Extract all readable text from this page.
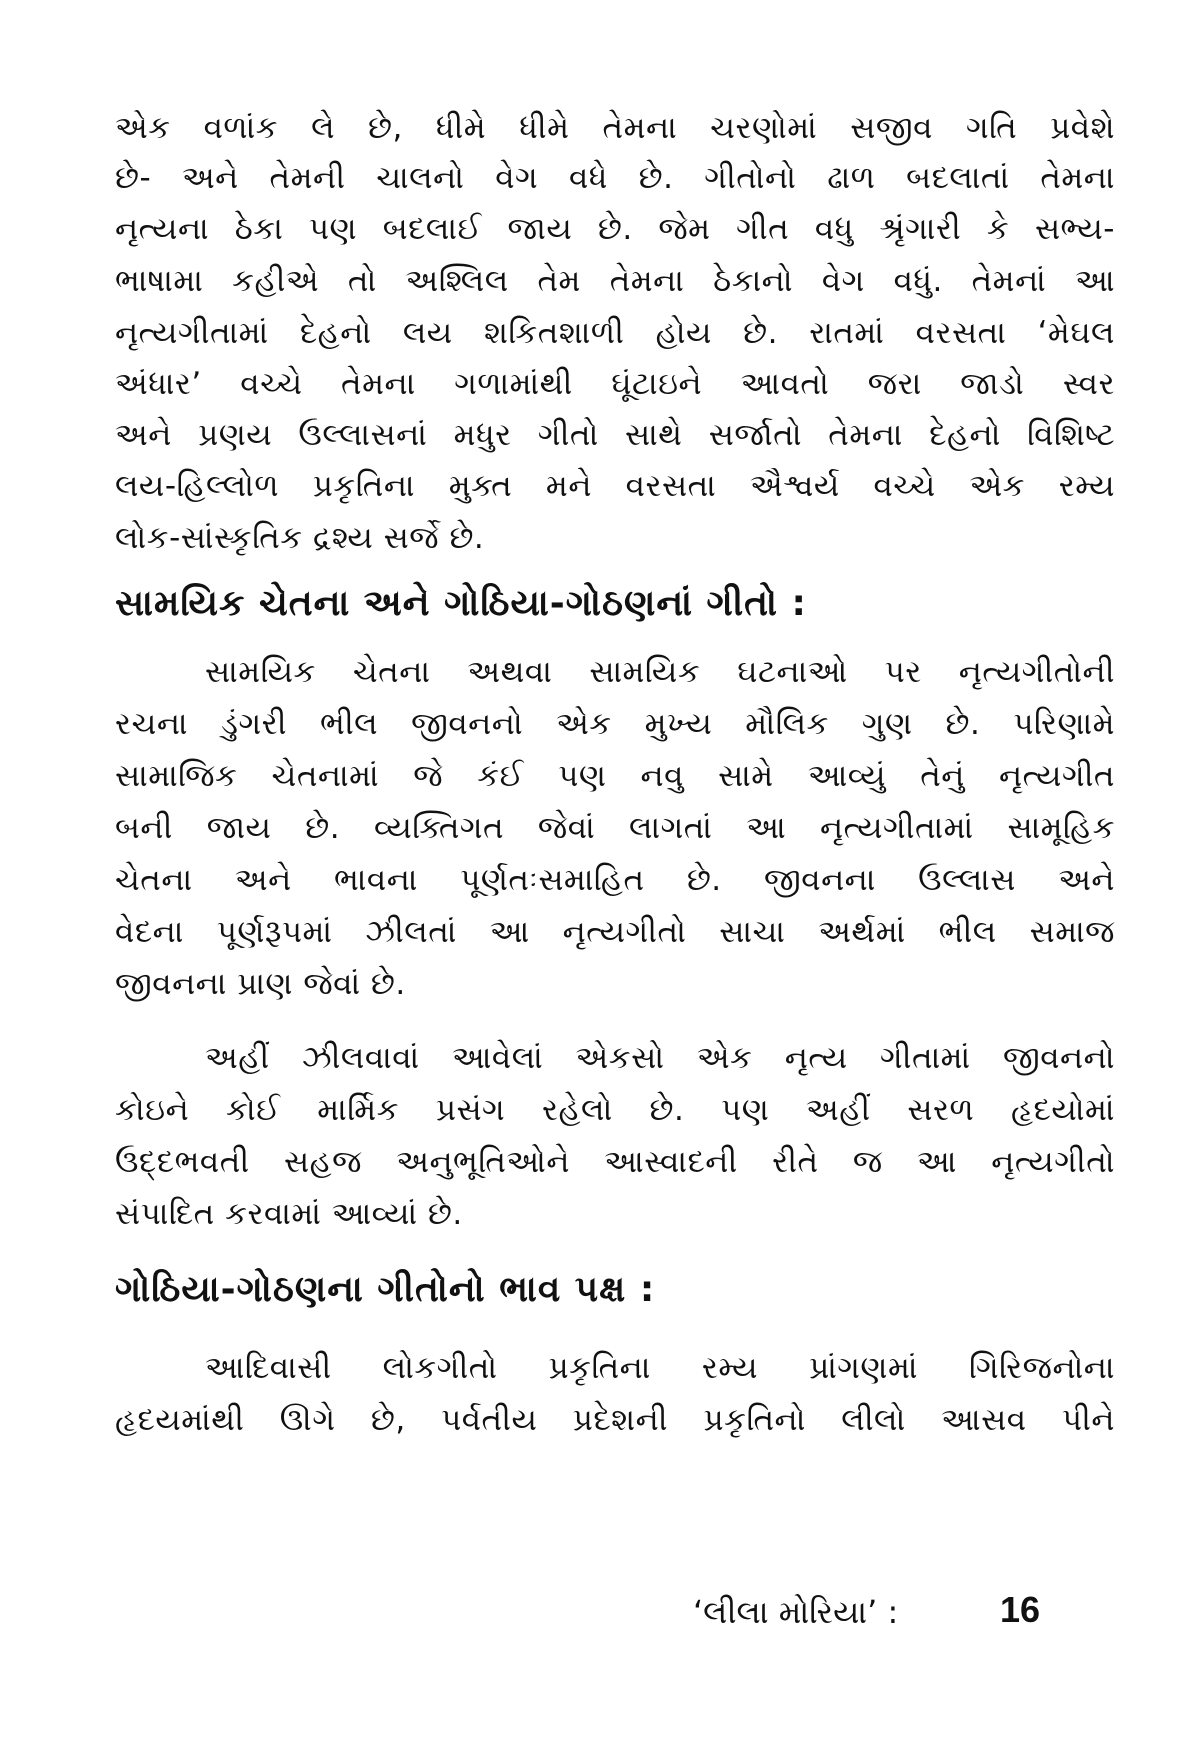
એક વળાંક લે છે, ધીમે ધીમે તેમના ચરણોમાં સજીવ ગતિ પ્રવેશે
છે- અને તેમની ચાલનો વેગ વધે છે. ગીતોનો ઢાળ બદલાતાં તેમના
નૃત્યના ઠેકા પણ બદલાઈ જાય છે. જેમ ગીત વધુ શ્રૃંગારી કે સભ્ય-
ભાષામા કહીએ તો અશ્લિલ તેમ તેમના ઠેકાનો વેગ વધું. તેમનાં આ
નૃત્યગીતામાં દેહનો લય શકિતશાળી હોય છે. રાતમાં વરસતા ‘મેઘલ
અંધાર’ વચ્ચે તેમના ગળામાંથી ઘૂંટાઇને આવતો જરા જાડો સ્વર
અને પ્રણય ઉલ્લાસનાં મધુર ગીતો સાથે સર્જાતો તેમના દેહનો વિશિષ્ટ
લય-હિલ્લોળ પ્રકૃતિના મુક્ત મને વરસતા ઐશ્વર્ય વચ્ચે એક રમ્ય
લોક-સાંસ્કૃતિક દ્રશ્ય સર્જે છે.
સામયિક ચેતના અને ગોઠિયા-ગોઠણનાં ગીતો :
સામયિક ચેતના અથવા સામયિક ઘટનાઓ પર નૃત્યગીતોની
રચના ડુંગરી ભીલ જીવનનો એક મુખ્ય મૌલિક ગુણ છે. પરિણામે
સામાજિક ચેતનામાં જે કંઈ પણ નવુ સામે આવ્યું તેનું નૃત્યગીત
બની જાય છે. વ્યક્તિગત જેવાં લાગતાં આ નૃત્યગીતામાં સામૂહિક
ચેતના અને ભાવના પૂર્ણતઃસમાહિત છે. જીવનના ઉલ્લાસ અને
વેદના પૂર્ણરૂપમાં ઝીલતાં આ નૃત્યગીતો સાચા અર્થમાં ભીલ સમાજ
જીવનના પ્રાણ જેવાં છે.
અહીં ઝીલવાવાં આવેલાં એકસો એક નૃત્ય ગીતામાં જીવનનો
કોઇને કોઈ માર્મિક પ્રસંગ રહેલો છે. પણ અહીં સરળ હૃદયોમાં
ઉદ્દભવતી સહજ અનુભૂતિઓને આસ્વાદની રીતે જ આ નૃત્યગીતો
સંપાદિત કરવામાં આવ્યાં છે.
ગોઠિયા-ગોઠણના ગીતોનો ભાવ પક્ષ :
આદિવાસી લોકગીતો પ્રકૃતિના રમ્ય પ્રાંગણમાં ગિરિજનોના
હૃદયમાંથી ઊગે છે, પર્વતીય પ્રદેશની પ્રકૃતિનો લીલો આસવ પીને
‘લીલા મોરિયા’ :	16
